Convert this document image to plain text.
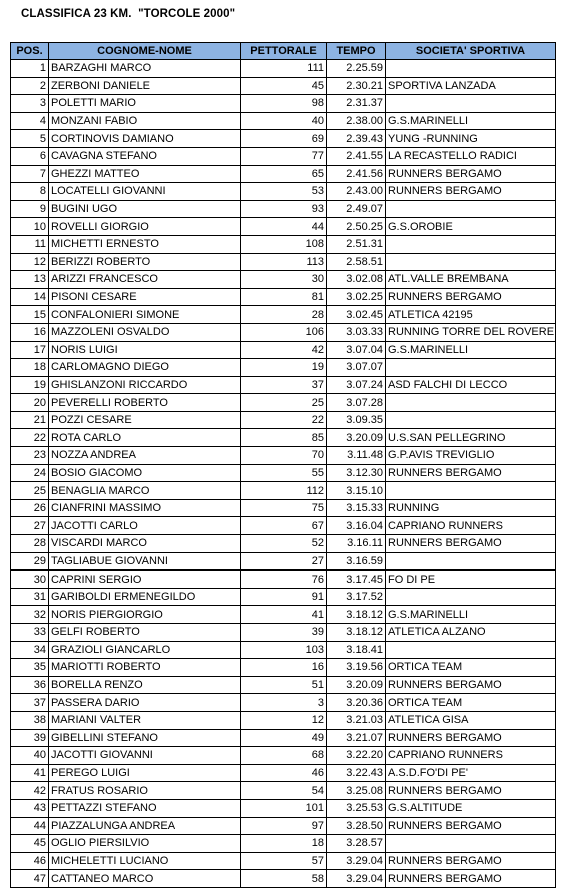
CLASSIFICA 23 KM.  "TORCOLE 2000"
POS.	COGNOME-NOME	PETTORALE	TEMPO	SOCIETA' SPORTIVA
1	BARZAGHI MARCO	111	2.25.59	
2	ZERBONI DANIELE	45	2.30.21	SPORTIVA LANZADA
3	POLETTI MARIO	98	2.31.37	
4	MONZANI FABIO	40	2.38.00	G.S.MARINELLI
5	CORTINOVIS DAMIANO	69	2.39.43	YUNG -RUNNING
6	CAVAGNA STEFANO	77	2.41.55	LA RECASTELLO RADICI
7	GHEZZI MATTEO	65	2.41.56	RUNNERS BERGAMO
8	LOCATELLI GIOVANNI	53	2.43.00	RUNNERS BERGAMO
9	BUGINI UGO	93	2.49.07	
10	ROVELLI GIORGIO	44	2.50.25	G.S.OROBIE
11	MICHETTI ERNESTO	108	2.51.31	
12	BERIZZI ROBERTO	113	2.58.51	
13	ARIZZI FRANCESCO	30	3.02.08	ATL.VALLE BREMBANA
14	PISONI CESARE	81	3.02.25	RUNNERS BERGAMO
15	CONFALONIERI SIMONE	28	3.02.45	ATLETICA 42195
16	MAZZOLENI OSVALDO	106	3.03.33	RUNNING TORRE DEL ROVERE
17	NORIS LUIGI	42	3.07.04	G.S.MARINELLI
18	CARLOMAGNO DIEGO	19	3.07.07	
19	GHISLANZONI RICCARDO	37	3.07.24	ASD FALCHI DI LECCO
20	PEVERELLI ROBERTO	25	3.07.28	
21	POZZI CESARE	22	3.09.35	
22	ROTA CARLO	85	3.20.09	U.S.SAN PELLEGRINO
23	NOZZA ANDREA	70	3.11.48	G.P.AVIS TREVIGLIO
24	BOSIO GIACOMO	55	3.12.30	RUNNERS BERGAMO
25	BENAGLIA MARCO	112	3.15.10	
26	CIANFRINI MASSIMO	75	3.15.33	RUNNING
27	JACOTTI CARLO	67	3.16.04	CAPRIANO RUNNERS
28	VISCARDI MARCO	52	3.16.11	RUNNERS BERGAMO
29	TAGLIABUE GIOVANNI	27	3.16.59	
30	CAPRINI SERGIO	76	3.17.45	FO DI PE
31	GARIBOLDI ERMENEGILDO	91	3.17.52	
32	NORIS PIERGIORGIO	41	3.18.12	G.S.MARINELLI
33	GELFI ROBERTO	39	3.18.12	ATLETICA ALZANO
34	GRAZIOLI GIANCARLO	103	3.18.41	
35	MARIOTTI ROBERTO	16	3.19.56	ORTICA TEAM
36	BORELLA RENZO	51	3.20.09	RUNNERS BERGAMO
37	PASSERA DARIO	3	3.20.36	ORTICA TEAM
38	MARIANI VALTER	12	3.21.03	ATLETICA GISA
39	GIBELLINI STEFANO	49	3.21.07	RUNNERS BERGAMO
40	JACOTTI GIOVANNI	68	3.22.20	CAPRIANO RUNNERS
41	PEREGO LUIGI	46	3.22.43	A.S.D.FO'DI PE'
42	FRATUS ROSARIO	54	3.25.08	RUNNERS BERGAMO
43	PETTAZZI STEFANO	101	3.25.53	G.S.ALTITUDE
44	PIAZZALUNGA ANDREA	97	3.28.50	RUNNERS BERGAMO
45	OGLIO PIERSILVIO	18	3.28.57	
46	MICHELETTI LUCIANO	57	3.29.04	RUNNERS BERGAMO
47	CATTANEO MARCO	58	3.29.04	RUNNERS BERGAMO
